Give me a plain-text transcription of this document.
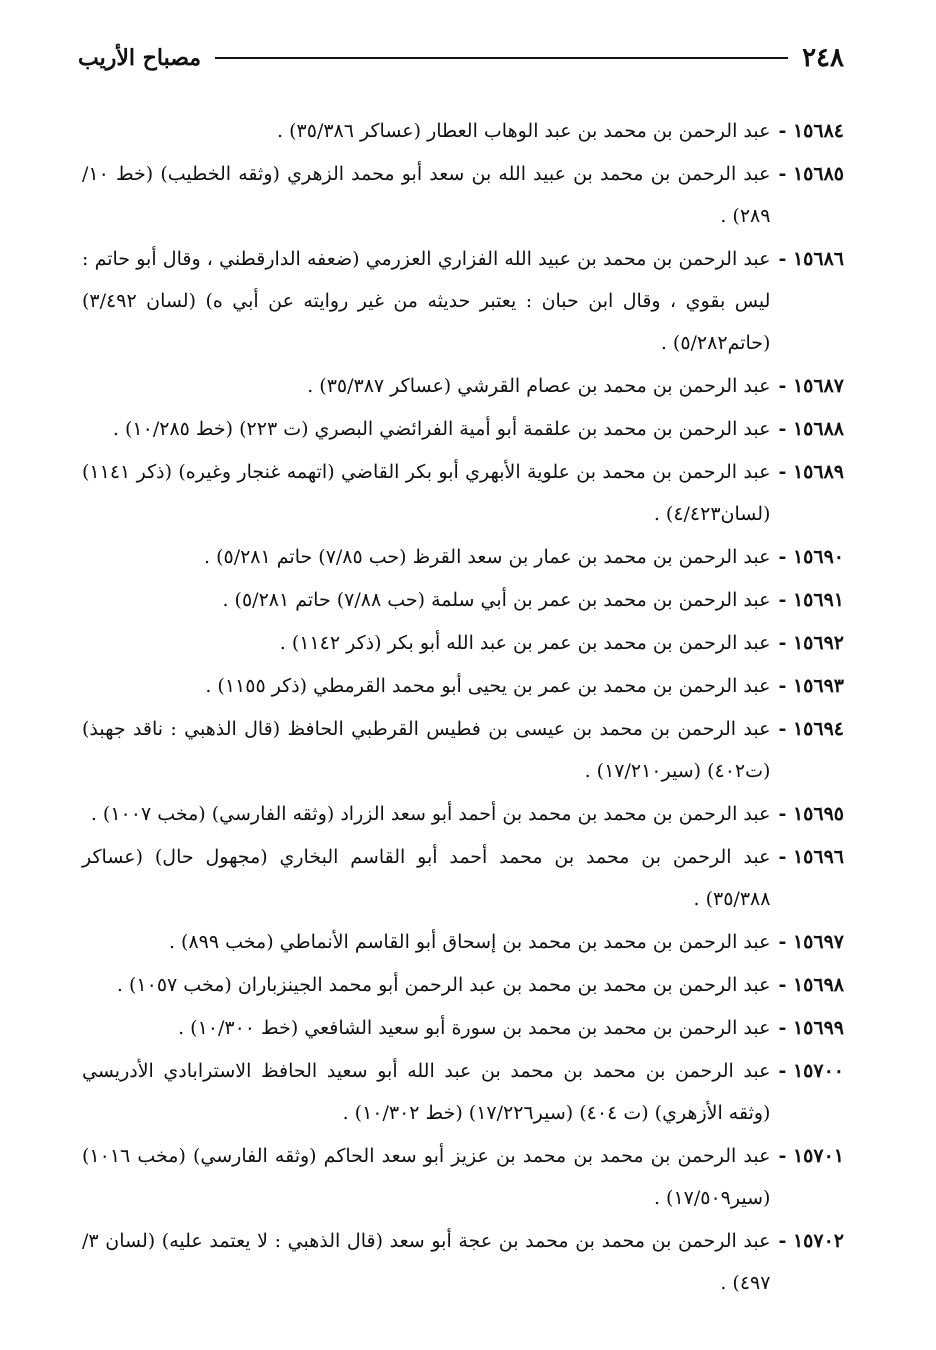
٢٤٨
مصباح الأريب
١٥٦٨٤ -
عبد الرحمن بن محمد بن عبد الوهاب العطار (عساكر ٣٥/٣٨٦) .
١٥٦٨٥ -
عبد الرحمن بن محمد بن عبيد الله بن سعد أبو محمد الزهري (وثقه الخطيب) (خط ١٠/ ٢٨٩) .
١٥٦٨٦ -
عبد الرحمن بن محمد بن عبيد الله الفزاري العزرمي (ضعفه الدارقطني ، وقال أبو حاتم : ليس بقوي ، وقال ابن حبان : يعتبر حديثه من غير روايته عن أبي ه) (لسان ٣/٤٩٢) (حاتم٥/٢٨٢) .
١٥٦٨٧ -
عبد الرحمن بن محمد بن عصام القرشي (عساكر ٣٥/٣٨٧) .
١٥٦٨٨ -
عبد الرحمن بن محمد بن علقمة أبو أمية الفرائضي البصري (ت ٢٢٣) (خط ١٠/٢٨٥) .
١٥٦٨٩ -
عبد الرحمن بن محمد بن علوية الأبهري أبو بكر القاضي (اتهمه غنجار وغيره) (ذكر ١١٤١) (لسان٤/٤٢٣) .
١٥٦٩٠ -
عبد الرحمن بن محمد بن عمار بن سعد القرظ (حب ٧/٨٥) حاتم ٥/٢٨١) .
١٥٦٩١ -
عبد الرحمن بن محمد بن عمر بن أبي سلمة (حب ٧/٨٨) حاتم ٥/٢٨١) .
١٥٦٩٢ -
عبد الرحمن بن محمد بن عمر بن عبد الله أبو بكر (ذكر ١١٤٢) .
١٥٦٩٣ -
عبد الرحمن بن محمد بن عمر بن يحيى أبو محمد القرمطي (ذكر ١١٥٥) .
١٥٦٩٤ -
عبد الرحمن بن محمد بن عيسى بن فطيس القرطبي الحافظ (قال الذهبي : ناقد جهبذ) (ت٤٠٢) (سير١٧/٢١٠) .
١٥٦٩٥ -
عبد الرحمن بن محمد بن محمد بن أحمد أبو سعد الزراد (وثقه الفارسي) (مخب ١٠٠٧) .
١٥٦٩٦ -
عبد الرحمن بن محمد بن محمد أحمد أبو القاسم البخاري (مجهول حال) (عساكر ٣٥/٣٨٨) .
١٥٦٩٧ -
عبد الرحمن بن محمد بن محمد بن إسحاق أبو القاسم الأنماطي (مخب ٨٩٩) .
١٥٦٩٨ -
عبد الرحمن بن محمد بن محمد بن عبد الرحمن أبو محمد الجينزباران (مخب ١٠٥٧) .
١٥٦٩٩ -
عبد الرحمن بن محمد بن محمد بن سورة أبو سعيد الشافعي (خط ١٠/٣٠٠) .
١٥٧٠٠ -
عبد الرحمن بن محمد بن محمد بن عبد الله أبو سعيد الحافظ الاسترابادي الأدريسي (وثقه الأزهري) (ت ٤٠٤) (سير١٧/٢٢٦) (خط ١٠/٣٠٢) .
١٥٧٠١ -
عبد الرحمن بن محمد بن محمد بن عزيز أبو سعد الحاكم (وثقه الفارسي) (مخب ١٠١٦) (سير١٧/٥٠٩) .
١٥٧٠٢ -
عبد الرحمن بن محمد بن محمد بن عجة أبو سعد (قال الذهبي : لا يعتمد عليه) (لسان ٣/ ٤٩٧) .
